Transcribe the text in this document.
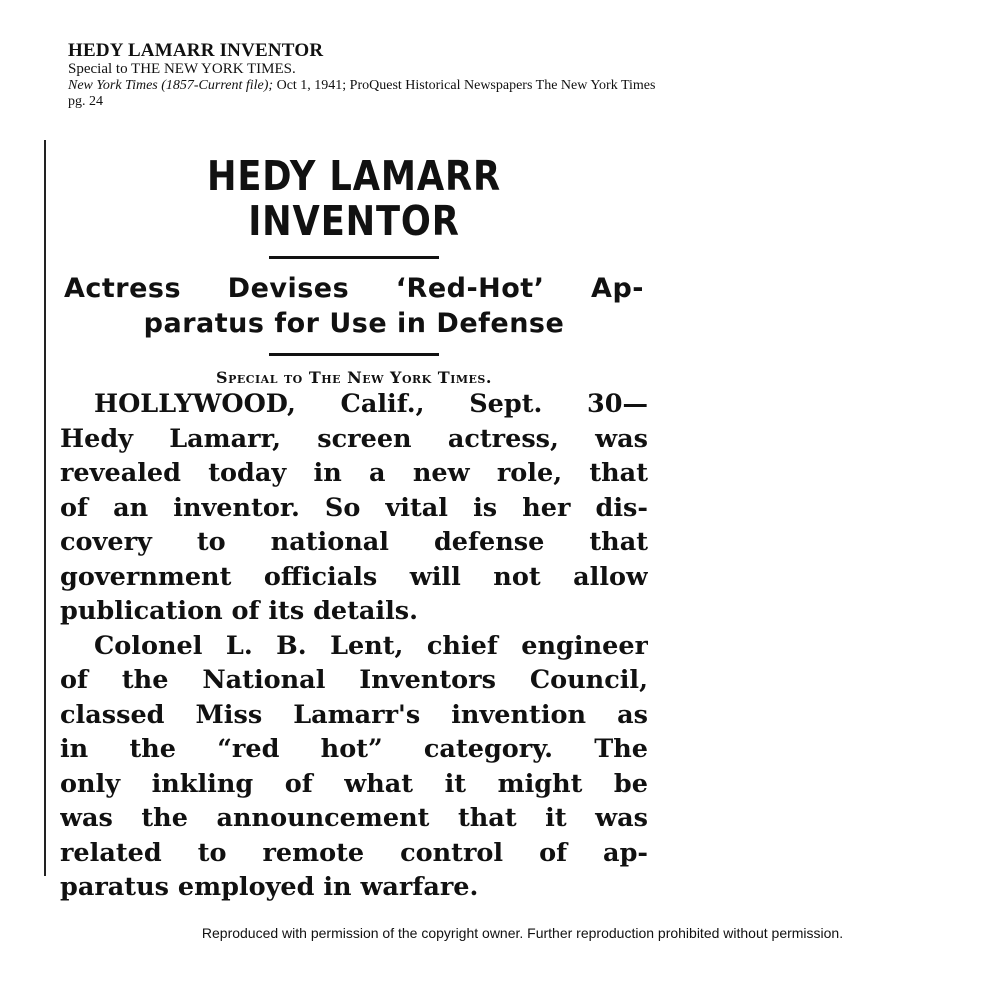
HEDY LAMARR INVENTOR
Special to THE NEW YORK TIMES.
New York Times (1857-Current file); Oct 1, 1941; ProQuest Historical Newspapers The New York Times
pg. 24
HEDY LAMARR INVENTOR
Actress Devises ‘Red-Hot’ Ap-
paratus for Use in Defense
Special to The New York Times.
HOLLYWOOD, Calif., Sept. 30—
Hedy Lamarr, screen actress, was
revealed today in a new role, that
of an inventor. So vital is her dis-
covery to national defense that
government officials will not allow
publication of its details.
Colonel L. B. Lent, chief engineer
of the National Inventors Council,
classed Miss Lamarr's invention as
in the “red hot” category. The
only inkling of what it might be
was the announcement that it was
related to remote control of ap-
paratus employed in warfare.
Reproduced with permission of the copyright owner. Further reproduction prohibited without permission.
